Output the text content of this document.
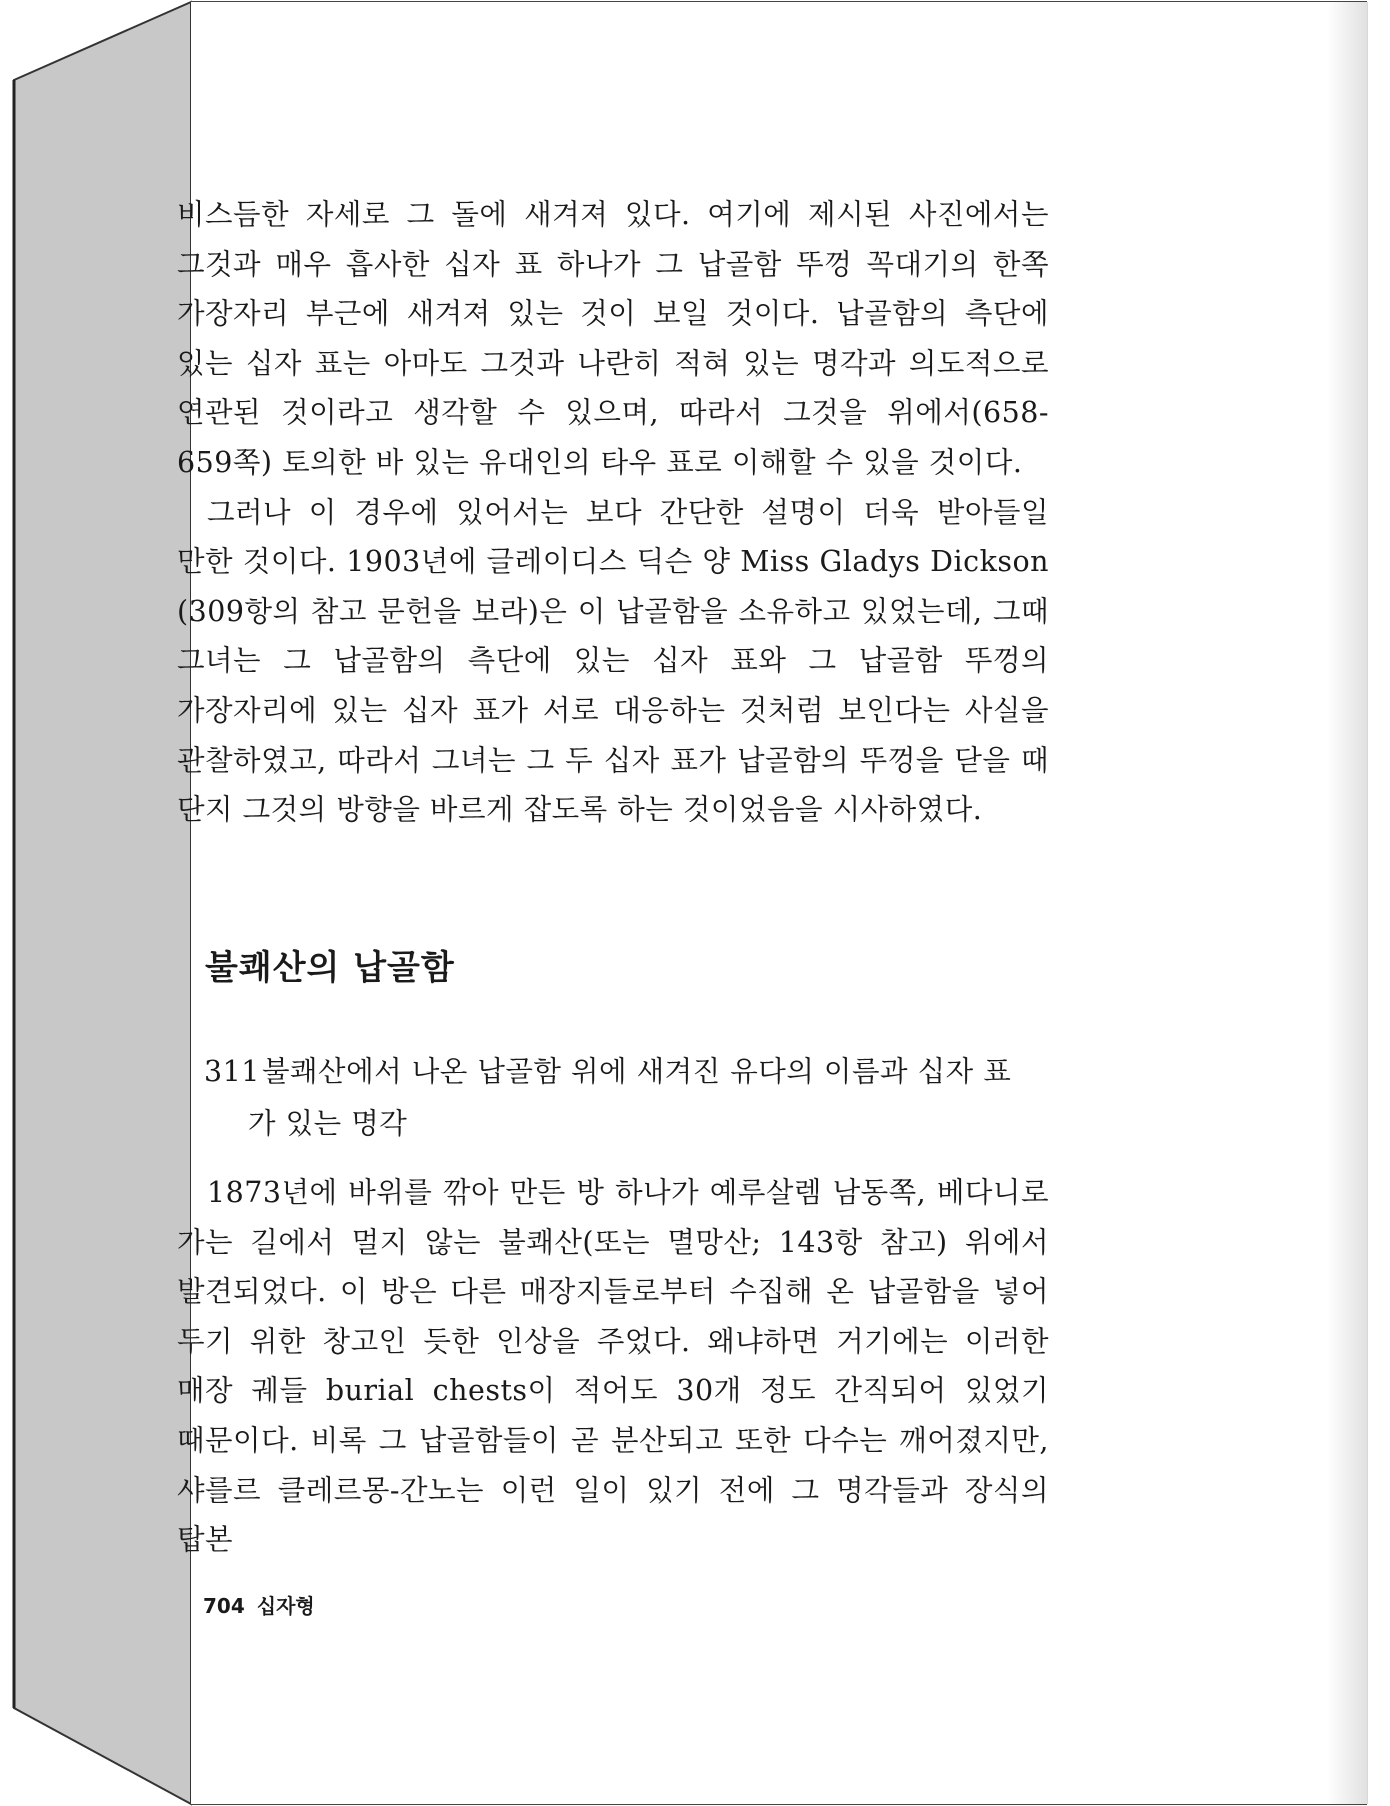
비스듬한 자세로 그 돌에 새겨져 있다. 여기에 제시된 사진에서는 그것과 매우 흡사한 십자 표 하나가 그 납골함 뚜껑 꼭대기의 한쪽 가장자리 부근에 새겨져 있는 것이 보일 것이다. 납골함의 측단에 있는 십자 표는 아마도 그것과 나란히 적혀 있는 명각과 의도적으로 연관된 것이라고 생각할 수 있으며, 따라서 그것을 위에서(658-659쪽) 토의한 바 있는 유대인의 타우 표로 이해할 수 있을 것이다.

그러나 이 경우에 있어서는 보다 간단한 설명이 더욱 받아들일 만한 것이다. 1903년에 글레이디스 딕슨 양 Miss Gladys Dickson (309항의 참고 문헌을 보라)은 이 납골함을 소유하고 있었는데, 그때 그녀는 그 납골함의 측단에 있는 십자 표와 그 납골함 뚜껑의 가장자리에 있는 십자 표가 서로 대응하는 것처럼 보인다는 사실을 관찰하였고, 따라서 그녀는 그 두 십자 표가 납골함의 뚜껑을 닫을 때 단지 그것의 방향을 바르게 잡도록 하는 것이었음을 시사하였다.

불쾌산의 납골함
311불쾌산에서 나온 납골함 위에 새겨진 유다의 이름과 십자 표
가 있는 명각

1873년에 바위를 깎아 만든 방 하나가 예루살렘 남동쪽, 베다니로 가는 길에서 멀지 않는 불쾌산(또는 멸망산; 143항 참고) 위에서 발견되었다. 이 방은 다른 매장지들로부터 수집해 온 납골함을 넣어 두기 위한 창고인 듯한 인상을 주었다. 왜냐하면 거기에는 이러한 매장 궤들 burial chests이 적어도 30개 정도 간직되어 있었기 때문이다. 비록 그 납골함들이 곧 분산되고 또한 다수는 깨어졌지만, 샤를르 클레르몽-간노는 이런 일이 있기 전에 그 명각들과 장식의 탑본

704 십자형
